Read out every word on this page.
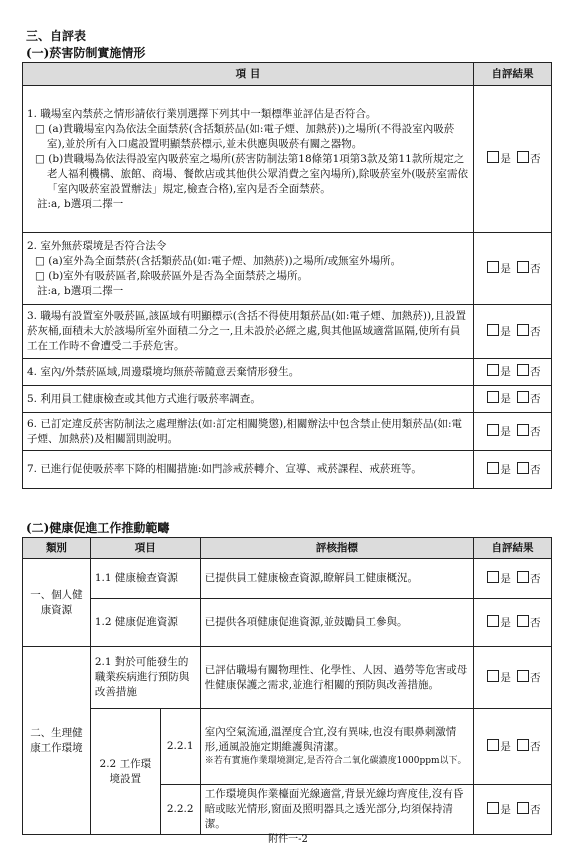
三、自評表
(一)菸害防制實施情形
項 目	自評結果

1. 職場室內禁菸之情形請依行業別選擇下列其中一類標準並評估是否符合。
□ (a)貴職場室內為依法全面禁菸(含括類菸品(如:電子煙、加熱菸))之場所(不得設室內吸菸室),並於所有入口處設置明顯禁菸標示,並未供應與吸菸有關之器物。
□ (b)貴職場為依法得設室內吸菸室之場所(菸害防制法第18條第1項第3款及第11款所規定之老人福利機構、旅館、商場、餐飲店或其他供公眾消費之室內場所),除吸菸室外(吸菸室需依「室內吸菸室設置辦法」規定,檢查合格),室內是否全面禁菸。
註:a, b選項二擇一	是 否

2. 室外無菸環境是否符合法令
□ (a)室外為全面禁菸(含括類菸品(如:電子煙、加熱菸))之場所/或無室外場所。
□ (b)室外有吸菸區者,除吸菸區外是否為全面禁菸之場所。
註:a, b選項二擇一	是 否

3. 職場有設置室外吸菸區,該區域有明顯標示(含括不得使用類菸品(如:電子煙、加熱菸)),且設置菸灰桶,面積未大於該場所室外面積二分之一,且未設於必經之處,與其他區域適當區隔,使所有員工在工作時不會遭受二手菸危害。	是 否

4. 室內/外禁菸區域,周邊環境均無菸蒂隨意丟棄情形發生。	是 否

5. 利用員工健康檢查或其他方式進行吸菸率調查。	是 否

6. 已訂定違反菸害防制法之處理辦法(如:訂定相關獎懲),相關辦法中包含禁止使用類菸品(如:電子煙、加熱菸)及相關罰則說明。	是 否

7. 已進行促使吸菸率下降的相關措施:如門診戒菸轉介、宣導、戒菸課程、戒菸班等。	是 否
(二)健康促進工作推動範疇
類別	項目		評核指標	自評結果
一、個人健康資源	1.1 健康檢查資源		已提供員工健康檢查資源,瞭解員工健康概況。	是 否
	1.2 健康促進資源		已提供各項健康促進資源,並鼓勵員工參與。	是 否
二、生理健康工作環境	2.1 對於可能發生的職業疾病進行預防與改善措施		已評估職場有關物理性、化學性、人因、過勞等危害或母性健康保護之需求,並進行相關的預防與改善措施。	是 否
	2.2 工作環境設置	2.2.1	室內空氣流通,溫溼度合宜,沒有異味,也沒有眼鼻刺激情形,通風設施定期維護與清潔。
※若有實施作業環境測定,是否符合二氧化碳濃度1000ppm以下。	是 否
		2.2.2	工作環境與作業檯面光線適當,背景光線均齊度佳,沒有昏暗或眩光情形,窗面及照明器具之透光部分,均須保持清潔。	是 否
附件一-2
